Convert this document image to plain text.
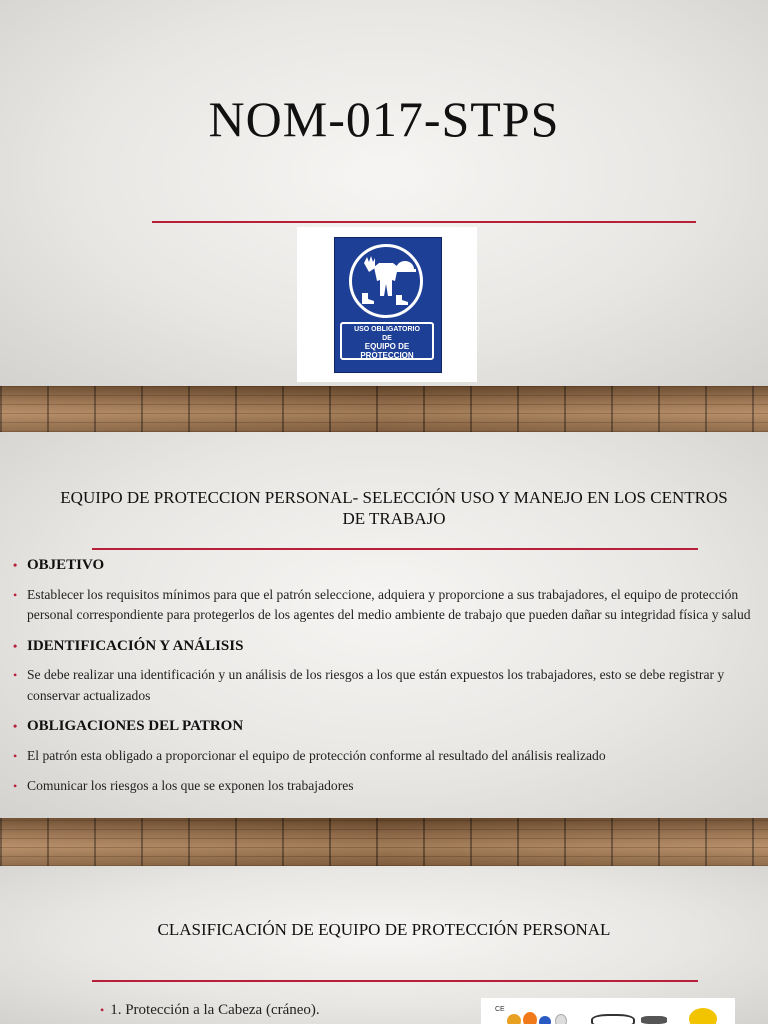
NOM-017-STPS
USO OBLIGATORIO
DE
EQUIPO DE
PROTECCION
EQUIPO DE PROTECCION PERSONAL- SELECCIÓN USO Y MANEJO EN LOS CENTROS DE TRABAJO
• OBJETIVO
• Establecer los requisitos mínimos para que el patrón seleccione, adquiera y proporcione a sus trabajadores, el equipo de protección personal correspondiente para protegerlos de los agentes del medio ambiente de trabajo que pueden dañar su integridad física y salud
• IDENTIFICACIÓN Y ANÁLISIS
• Se debe realizar una identificación y un análisis de los riesgos a los que están expuestos los trabajadores, esto se debe registrar y conservar actualizados
• OBLIGACIONES DEL PATRON
• El patrón esta obligado a proporcionar el equipo de protección conforme al resultado del análisis realizado
• Comunicar los riesgos a los que se exponen los trabajadores
CLASIFICACIÓN DE EQUIPO DE PROTECCIÓN PERSONAL
• 1. Protección a la Cabeza (cráneo).	CE
